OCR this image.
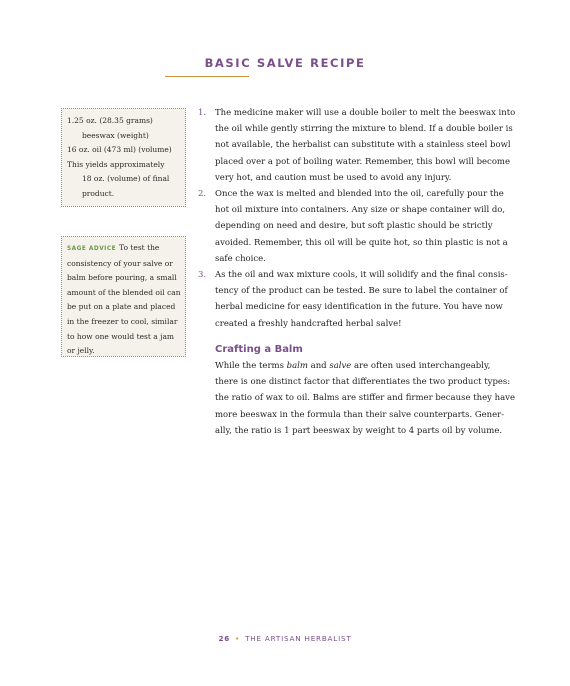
BASIC SALVE RECIPE
1.25 oz. (28.35 grams)
beeswax (weight)
16 oz. oil (473 ml) (volume)
This yields approximately
18 oz. (volume) of final
product.
SAGE ADVICE To test the
consistency of your salve or
balm before pouring, a small
amount of the blended oil can
be put on a plate and placed
in the freezer to cool, similar
to how one would test a jam
or jelly.
1. The medicine maker will use a double boiler to melt the beeswax into
the oil while gently stirring the mixture to blend. If a double boiler is
not available, the herbalist can substitute with a stainless steel bowl
placed over a pot of boiling water. Remember, this bowl will become
very hot, and caution must be used to avoid any injury.
2. Once the wax is melted and blended into the oil, carefully pour the
hot oil mixture into containers. Any size or shape container will do,
depending on need and desire, but soft plastic should be strictly
avoided. Remember, this oil will be quite hot, so thin plastic is not a
safe choice.
3. As the oil and wax mixture cools, it will solidify and the final consis-
tency of the product can be tested. Be sure to label the container of
herbal medicine for easy identification in the future. You have now
created a freshly handcrafted herbal salve!
Crafting a Balm
While the terms balm and salve are often used interchangeably,
there is one distinct factor that differentiates the two product types:
the ratio of wax to oil. Balms are stiffer and firmer because they have
more beeswax in the formula than their salve counterparts. Gener-
ally, the ratio is 1 part beeswax by weight to 4 parts oil by volume.
26 • THE ARTISAN HERBALIST
